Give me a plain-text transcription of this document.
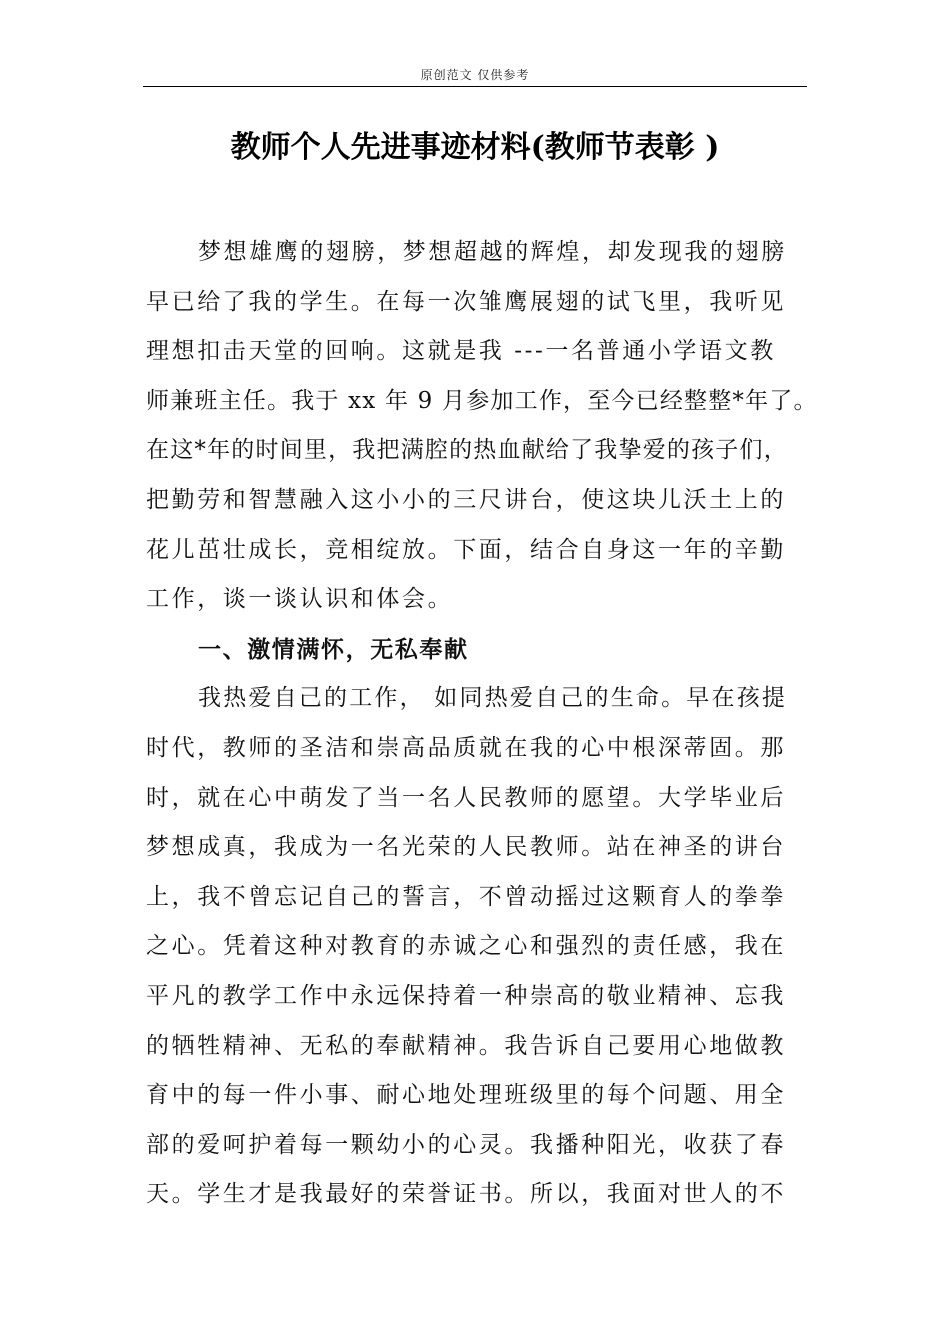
原创范文 仅供参考
教师个人先进事迹材料(教师节表彰 )
梦想雄鹰的翅膀，梦想超越的辉煌，却发现我的翅膀
早已给了我的学生。在每一次雏鹰展翅的试飞里，我听见
理想扣击天堂的回响。这就是我 ---一名普通小学语文教
师兼班主任。我于 xx 年 9 月参加工作，至今已经整整*年了。
在这*年的时间里，我把满腔的热血献给了我挚爱的孩子们，
把勤劳和智慧融入这小小的三尺讲台，使这块儿沃土上的
花儿茁壮成长，竞相绽放。下面，结合自身这一年的辛勤
工作，谈一谈认识和体会。
一、激情满怀，无私奉献
我热爱自己的工作， 如同热爱自己的生命。早在孩提
时代，教师的圣洁和崇高品质就在我的心中根深蒂固。那
时，就在心中萌发了当一名人民教师的愿望。大学毕业后
梦想成真，我成为一名光荣的人民教师。站在神圣的讲台
上，我不曾忘记自己的誓言，不曾动摇过这颗育人的拳拳
之心。凭着这种对教育的赤诚之心和强烈的责任感，我在
平凡的教学工作中永远保持着一种崇高的敬业精神、忘我
的牺牲精神、无私的奉献精神。我告诉自己要用心地做教
育中的每一件小事、耐心地处理班级里的每个问题、用全
部的爱呵护着每一颗幼小的心灵。我播种阳光，收获了春
天。学生才是我最好的荣誉证书。所以，我面对世人的不
